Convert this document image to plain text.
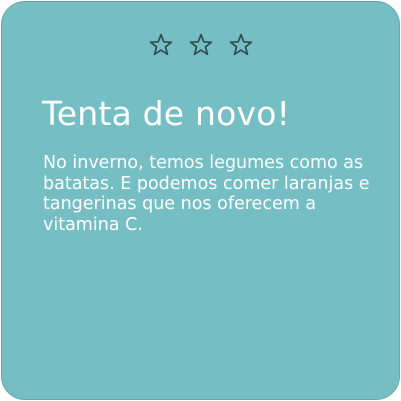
Tenta de novo!

No inverno, temos legumes como as batatas. E podemos comer laranjas e tangerinas que nos oferecem a vitamina C.
